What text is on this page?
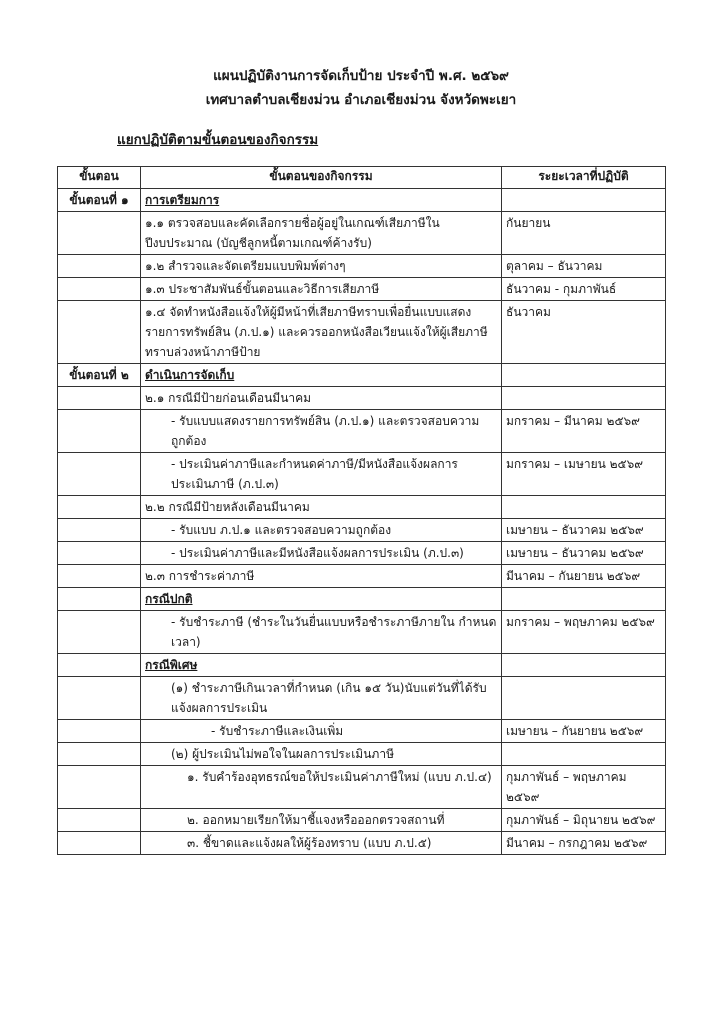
แผนปฏิบัติงานการจัดเก็บป้าย ประจำปี พ.ศ. ๒๕๖๙
เทศบาลตำบลเชียงม่วน อำเภอเชียงม่วน จังหวัดพะเยา
แยกปฏิบัติตามขั้นตอนของกิจกรรม
ขั้นตอน	ขั้นตอนของกิจกรรม	ระยะเวลาที่ปฏิบัติ
ขั้นตอนที่ ๑	การเตรียมการ	
	๑.๑ ตรวจสอบและคัดเลือกรายชื่อผู้อยู่ในเกณฑ์เสียภาษีใน ปีงบประมาณ (บัญชีลูกหนี้ตามเกณฑ์ค้างรับ)	กันยายน
	๑.๒ สำรวจและจัดเตรียมแบบพิมพ์ต่างๆ	ตุลาคม – ธันวาคม
	๑.๓ ประชาสัมพันธ์ขั้นตอนและวิธีการเสียภาษี	ธันวาคม - กุมภาพันธ์
	๑.๔ จัดทำหนังสือแจ้งให้ผู้มีหน้าที่เสียภาษีทราบเพื่อยื่นแบบแสดงรายการทรัพย์สิน (ภ.ป.๑) และควรออกหนังสือเวียนแจ้งให้ผู้เสียภาษีทราบล่วงหน้าภาษีป้าย	ธันวาคม
ขั้นตอนที่ ๒	ดำเนินการจัดเก็บ	
	๒.๑ กรณีมีป้ายก่อนเดือนมีนาคม	
	- รับแบบแสดงรายการทรัพย์สิน (ภ.ป.๑) และตรวจสอบความ ถูกต้อง	มกราคม – มีนาคม ๒๕๖๙
	- ประเมินค่าภาษีและกำหนดค่าภาษี/มีหนังสือแจ้งผลการ ประเมินภาษี (ภ.ป.๓)	มกราคม – เมษายน ๒๕๖๙
	๒.๒ กรณีมีป้ายหลังเดือนมีนาคม	
	- รับแบบ ภ.ป.๑ และตรวจสอบความถูกต้อง	เมษายน – ธันวาคม ๒๕๖๙
	- ประเมินค่าภาษีและมีหนังสือแจ้งผลการประเมิน (ภ.ป.๓)	เมษายน – ธันวาคม ๒๕๖๙
	๒.๓ การชำระค่าภาษี	มีนาคม – กันยายน ๒๕๖๙
	กรณีปกติ	
	- รับชำระภาษี (ชำระในวันยื่นแบบหรือชำระภาษีภายใน กำหนดเวลา)	มกราคม – พฤษภาคม ๒๕๖๙
	กรณีพิเศษ	
	(๑) ชำระภาษีเกินเวลาที่กำหนด (เกิน ๑๕ วัน)นับแต่วันที่ได้รับ แจ้งผลการประเมิน	
	- รับชำระภาษีและเงินเพิ่ม	เมษายน – กันยายน ๒๕๖๙
	(๒) ผู้ประเมินไม่พอใจในผลการประเมินภาษี	
	๑. รับคำร้องอุทธรณ์ขอให้ประเมินค่าภาษีใหม่ (แบบ ภ.ป.๔)	กุมภาพันธ์ – พฤษภาคม ๒๕๖๙
	๒. ออกหมายเรียกให้มาชี้แจงหรือออกตรวจสถานที่	กุมภาพันธ์ – มิถุนายน ๒๕๖๙
	๓. ชี้ขาดและแจ้งผลให้ผู้ร้องทราบ (แบบ ภ.ป.๕)	มีนาคม – กรกฎาคม ๒๕๖๙
